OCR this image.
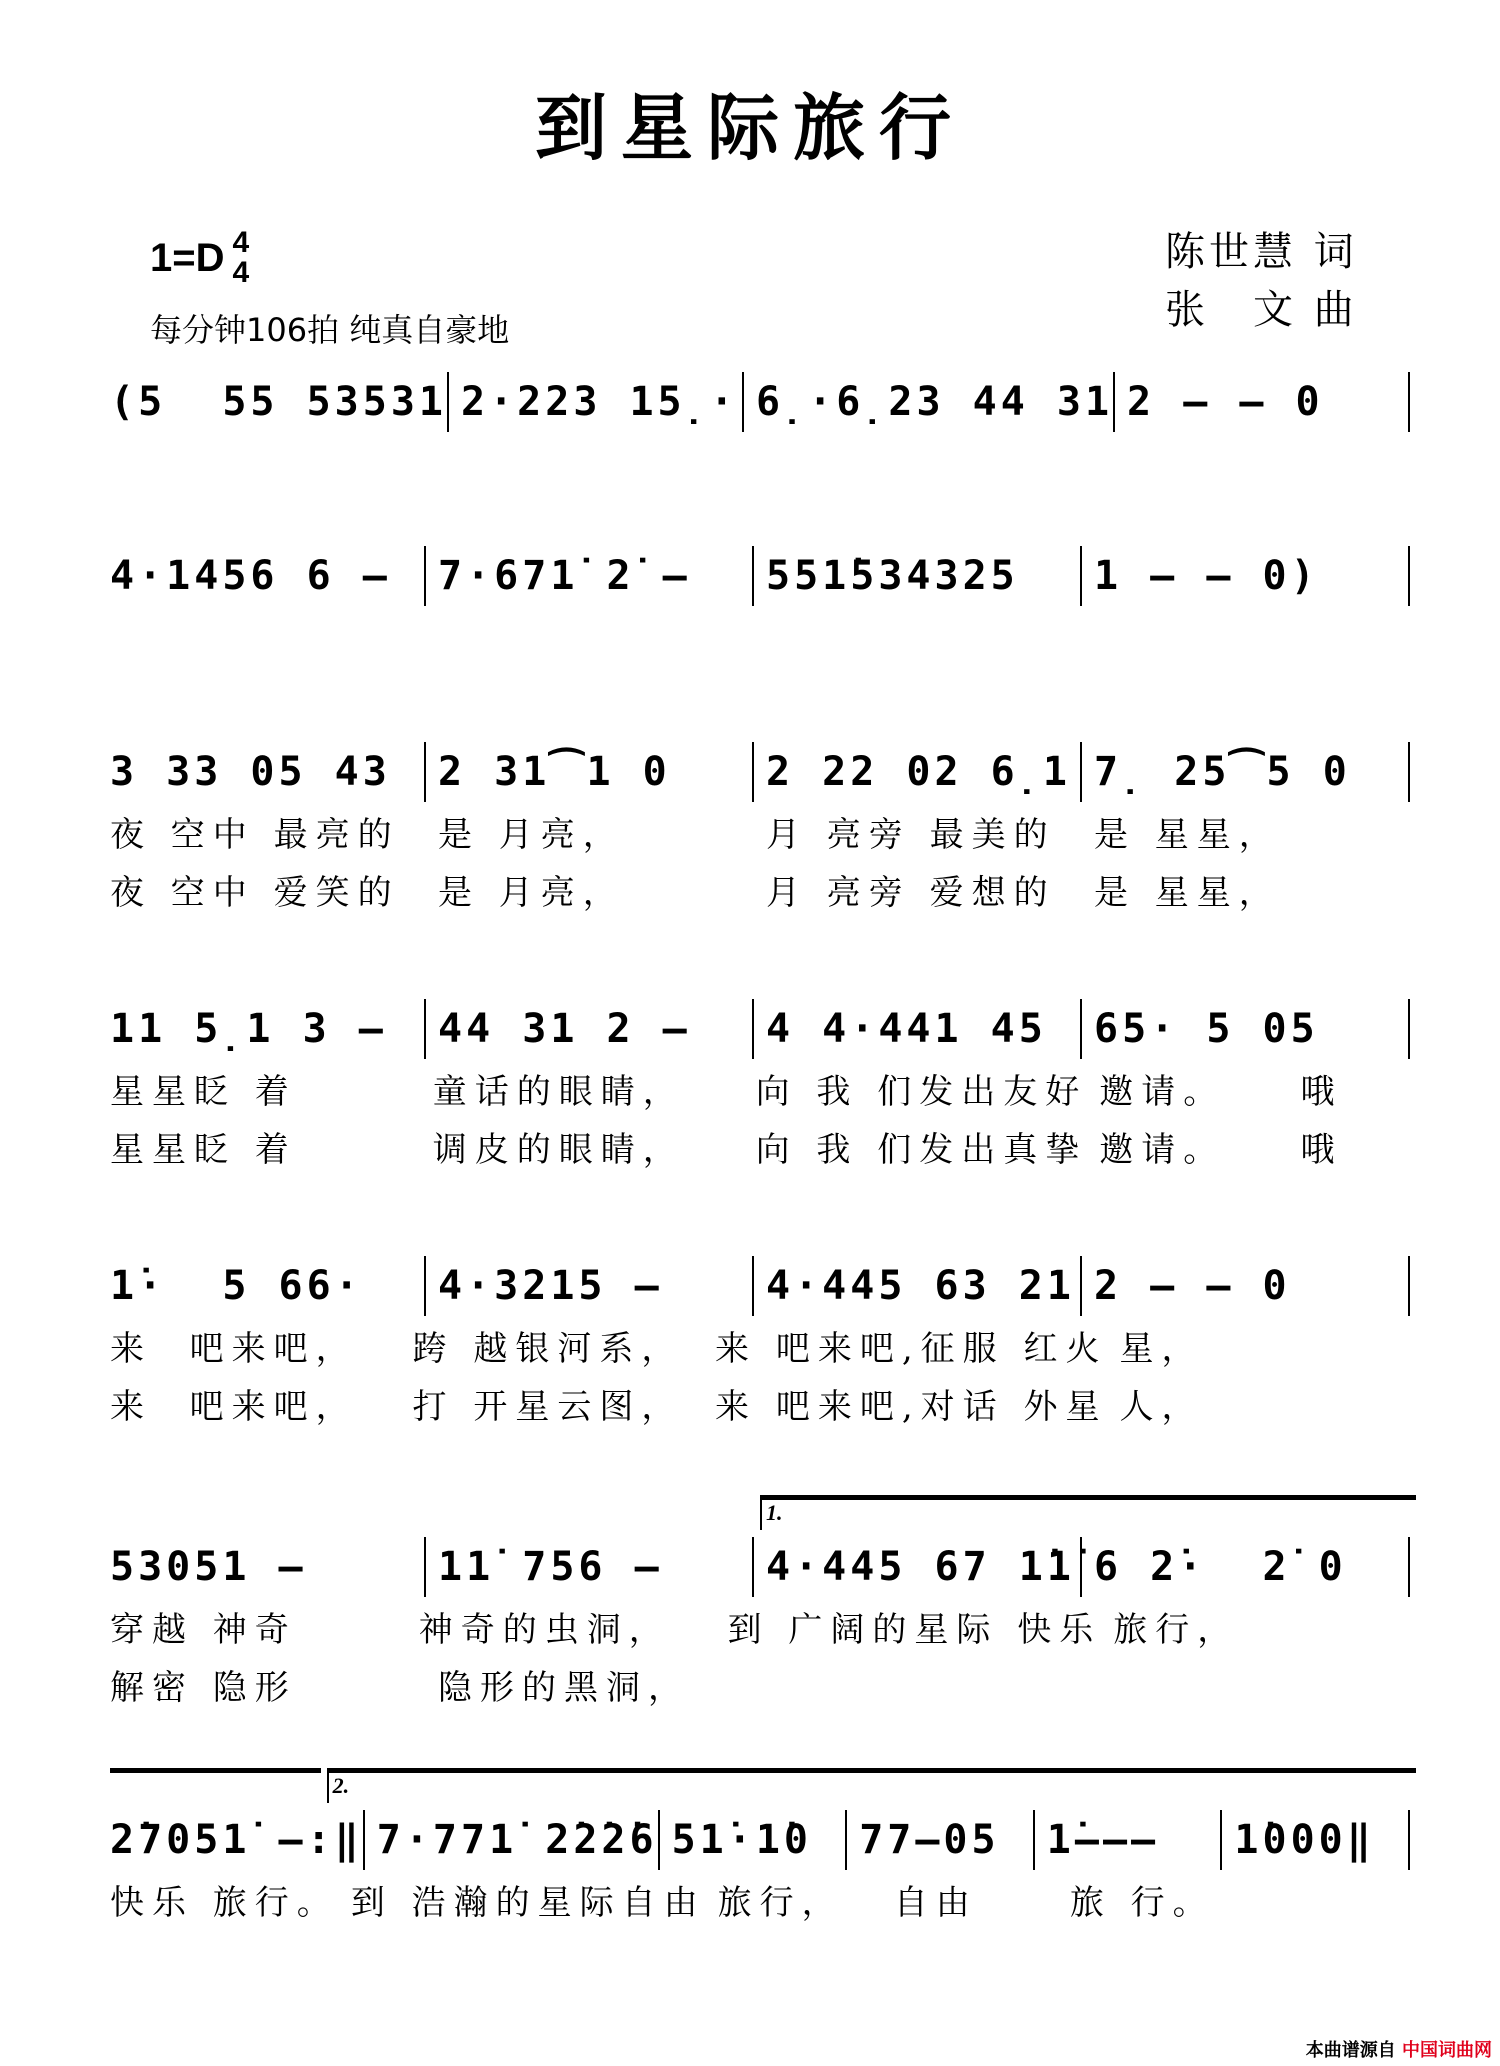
到星际旅行
1=D 4
4
每分钟106拍 纯真自豪地
陈世慧 词
张　文 曲
(5  55 53531 2·223 15̣· 6̣·6̣23 44 31 2 – – 0
4·1456 6 –	7·671̇ 2̇ –	551̇534325	1 – – 0)
3 33 05 43	2 31⁀1 0	2 22 02 6̣1 7̣ 25⁀5 0
夜 空中 最亮的	是 月亮，	月 亮旁 最美的	是 星星，
夜 空中 爱笑的	是 月亮，	月 亮旁 爱想的	是 星星，
11 5̣1 3 –	44 31 2 –	4 4·441 45	65· 5 05
星星眨 着	童话的眼睛，	向 我 们发出友好 邀请。    哦
星星眨 着	调皮的眼睛，	向 我 们发出真挚 邀请。    哦
1̇·  5 66·	4·3215 –	4·445 63 21 2 – – 0
来  吧来吧，	跨 越银河系， 来 吧来吧,征服 红火 星，
来  吧来吧，	打 开星云图， 来 吧来吧,对话 外星 人，
53051 –	11̇ 756 –	4·445 67 1̇1̇ 6 2̇·  2̇ 0
穿越 神奇	神奇的虫洞，	到 广阔的星际 快乐 旅行，
解密 隐形	隐形的黑洞，
1.
2̇7051̇ –:‖ 7·771̇ 2̇2̇2̇6 51̇·1̇0	77–05	1̇–––	1̇000‖
快乐 旅行。 到 浩瀚的星际自由 旅行，	自由	旅 行。
2.
本曲谱源自 中国词曲网
